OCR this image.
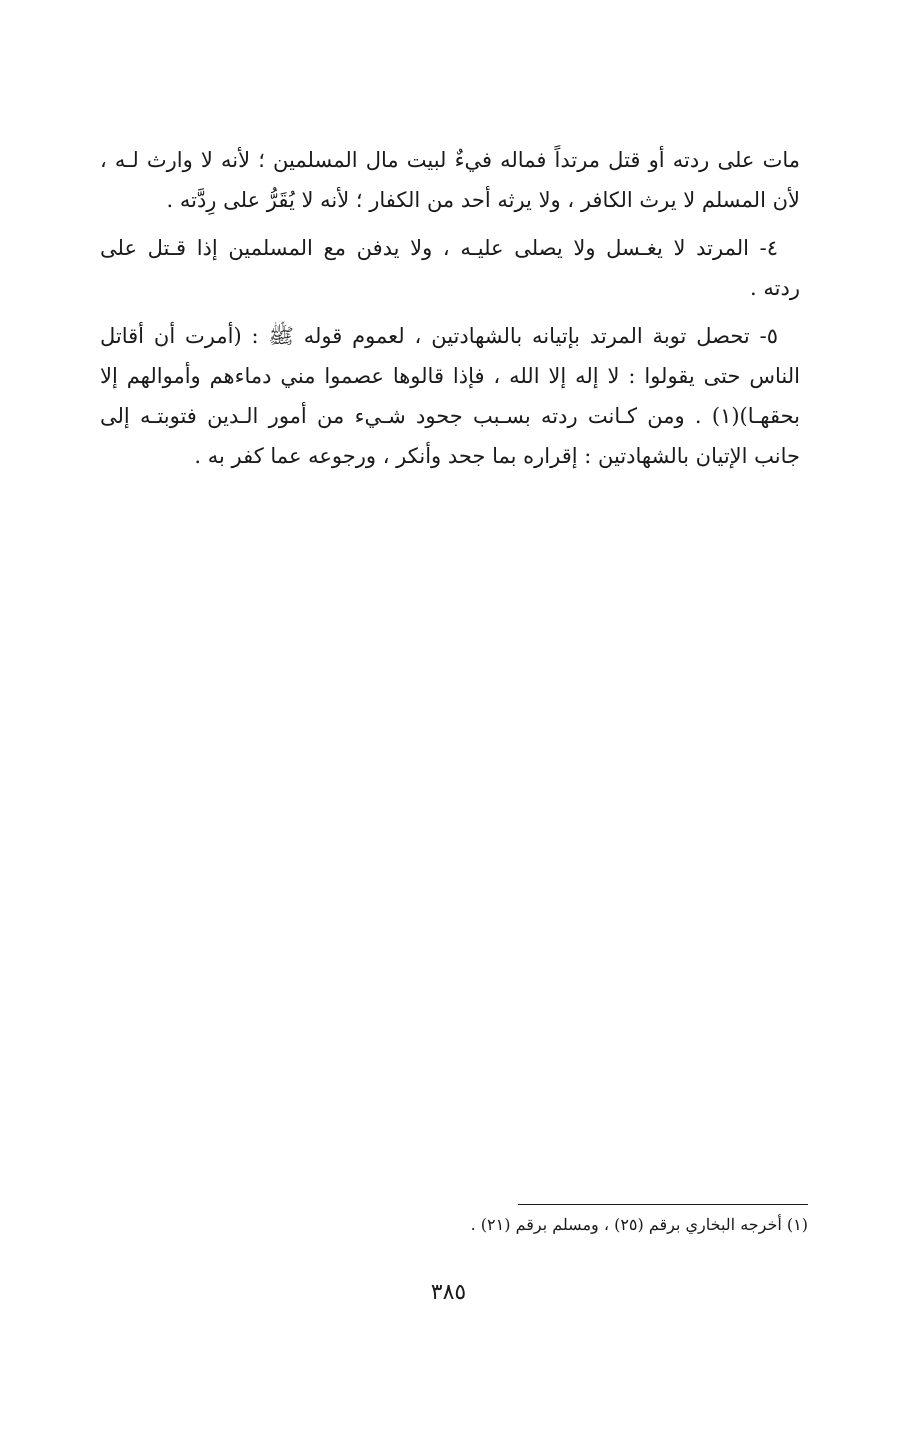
مات على ردته أو قتل مرتداً فماله فيءٌ لبيت مال المسلمين ؛ لأنه لا وارث لـه ،
لأن المسلم لا يرث الكافر ، ولا يرثه أحد من الكفار ؛ لأنه لا يُقَرُّ على رِدَّته .
٤- المرتد لا يغـسل ولا يصلى عليـه ، ولا يدفن مع المسلمين إذا قـتل على
ردته .
٥- تحصل توبة المرتد بإتيانه بالشهادتين ، لعموم قوله ﷺ : (أمرت أن أقاتل
الناس حتى يقولوا : لا إله إلا الله ، فإذا قالوها عصموا مني دماءهم وأموالهم إلا
بحقهـا)(١) . ومن كـانت ردته بسـبب جحود شـيء من أمور الـدين فتوبتـه إلى
جانب الإتيان بالشهادتين : إقراره بما جحد وأنكر ، ورجوعه عما كفر به .
(١) أخرجه البخاري برقم (٢٥) ، ومسلم برقم (٢١) .
٣٨٥
